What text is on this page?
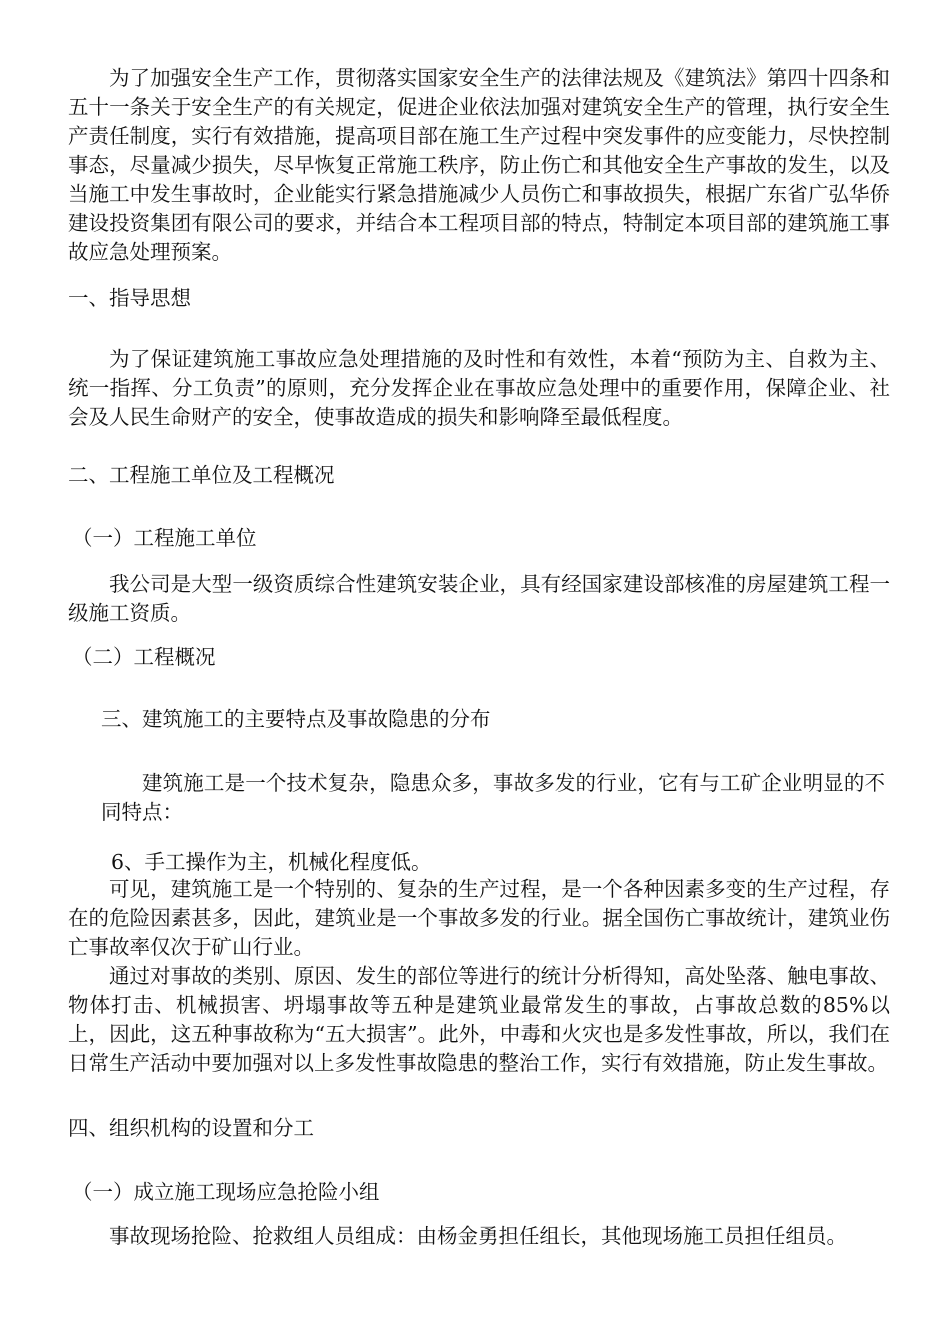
为了加强安全生产工作，贯彻落实国家安全生产的法律法规及《建筑法》第四十四条和五十一条关于安全生产的有关规定，促进企业依法加强对建筑安全生产的管理，执行安全生产责任制度，实行有效措施，提高项目部在施工生产过程中突发事件的应变能力，尽快控制事态，尽量减少损失，尽早恢复正常施工秩序，防止伤亡和其他安全生产事故的发生，以及当施工中发生事故时，企业能实行紧急措施减少人员伤亡和事故损失，根据广东省广弘华侨建设投资集团有限公司的要求，并结合本工程项目部的特点，特制定本项目部的建筑施工事故应急处理预案。

一、指导思想

为了保证建筑施工事故应急处理措施的及时性和有效性，本着“预防为主、自救为主、统一指挥、分工负责”的原则，充分发挥企业在事故应急处理中的重要作用，保障企业、社会及人民生命财产的安全，使事故造成的损失和影响降至最低程度。

二、工程施工单位及工程概况
（一）工程施工单位

我公司是大型一级资质综合性建筑安装企业，具有经国家建设部核准的房屋建筑工程一级施工资质。

（二）工程概况
三、建筑施工的主要特点及事故隐患的分布

建筑施工是一个技术复杂，隐患众多，事故多发的行业，它有与工矿企业明显的不同特点：

6、手工操作为主，机械化程度低。

可见，建筑施工是一个特别的、复杂的生产过程，是一个各种因素多变的生产过程，存在的危险因素甚多，因此，建筑业是一个事故多发的行业。据全国伤亡事故统计，建筑业伤亡事故率仅次于矿山行业。

通过对事故的类别、原因、发生的部位等进行的统计分析得知，高处坠落、触电事故、物体打击、机械损害、坍塌事故等五种是建筑业最常发生的事故，占事故总数的85%以上，因此，这五种事故称为“五大损害”。此外，中毒和火灾也是多发性事故，所以，我们在日常生产活动中要加强对以上多发性事故隐患的整治工作，实行有效措施，防止发生事故。

四、组织机构的设置和分工
（一）成立施工现场应急抢险小组

事故现场抢险、抢救组人员组成：由杨金勇担任组长，其他现场施工员担任组员。
